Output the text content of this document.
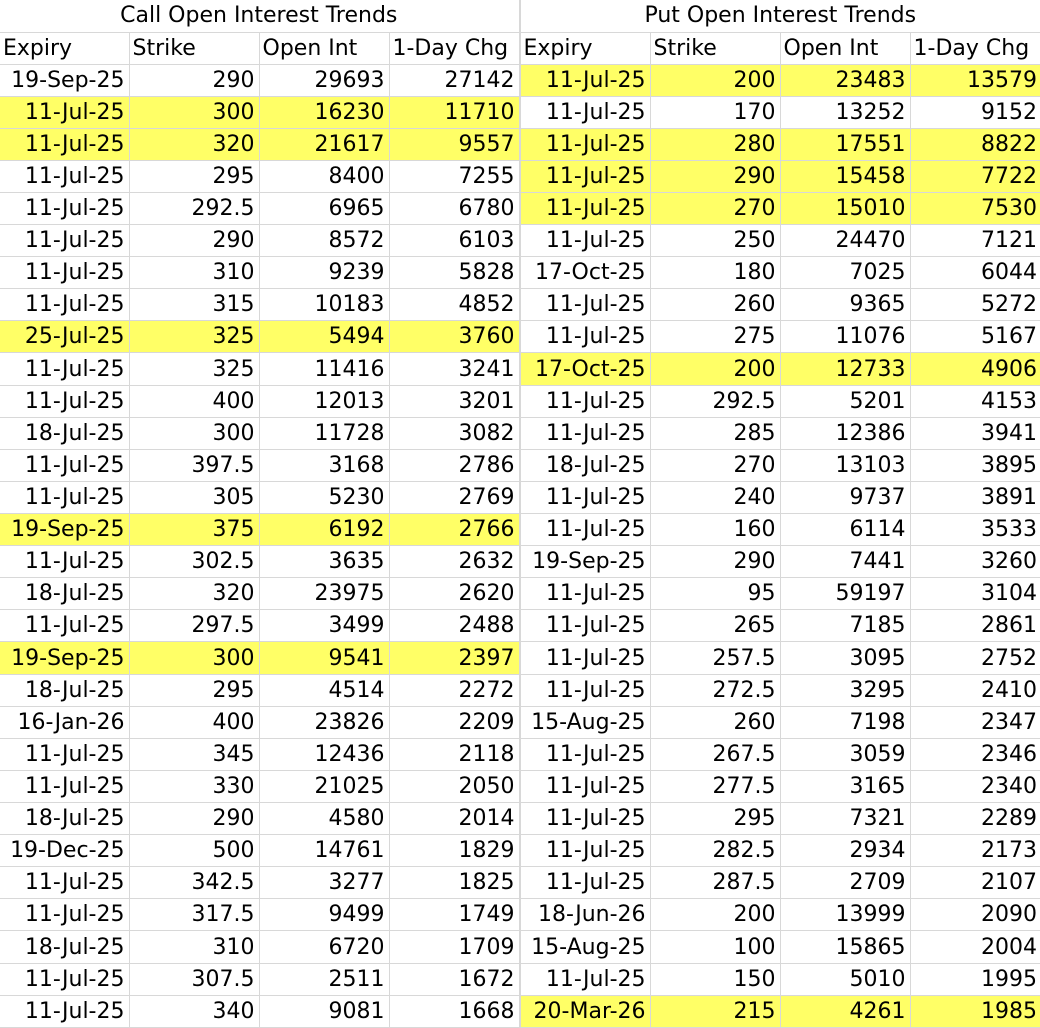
Call Open Interest Trends			
Expiry	Strike	Open Int	1-Day Chg
19-Sep-25	290	29693	27142
11-Jul-25	300	16230	11710
11-Jul-25	320	21617	9557
11-Jul-25	295	8400	7255
11-Jul-25	292.5	6965	6780
11-Jul-25	290	8572	6103
11-Jul-25	310	9239	5828
11-Jul-25	315	10183	4852
25-Jul-25	325	5494	3760
11-Jul-25	325	11416	3241
11-Jul-25	400	12013	3201
18-Jul-25	300	11728	3082
11-Jul-25	397.5	3168	2786
11-Jul-25	305	5230	2769
19-Sep-25	375	6192	2766
11-Jul-25	302.5	3635	2632
18-Jul-25	320	23975	2620
11-Jul-25	297.5	3499	2488
19-Sep-25	300	9541	2397
18-Jul-25	295	4514	2272
16-Jan-26	400	23826	2209
11-Jul-25	345	12436	2118
11-Jul-25	330	21025	2050
18-Jul-25	290	4580	2014
19-Dec-25	500	14761	1829
11-Jul-25	342.5	3277	1825
11-Jul-25	317.5	9499	1749
18-Jul-25	310	6720	1709
11-Jul-25	307.5	2511	1672
11-Jul-25	340	9081	1668
Put Open Interest Trends			
Expiry	Strike	Open Int	1-Day Chg
11-Jul-25	200	23483	13579
11-Jul-25	170	13252	9152
11-Jul-25	280	17551	8822
11-Jul-25	290	15458	7722
11-Jul-25	270	15010	7530
11-Jul-25	250	24470	7121
17-Oct-25	180	7025	6044
11-Jul-25	260	9365	5272
11-Jul-25	275	11076	5167
17-Oct-25	200	12733	4906
11-Jul-25	292.5	5201	4153
11-Jul-25	285	12386	3941
18-Jul-25	270	13103	3895
11-Jul-25	240	9737	3891
11-Jul-25	160	6114	3533
19-Sep-25	290	7441	3260
11-Jul-25	95	59197	3104
11-Jul-25	265	7185	2861
11-Jul-25	257.5	3095	2752
11-Jul-25	272.5	3295	2410
15-Aug-25	260	7198	2347
11-Jul-25	267.5	3059	2346
11-Jul-25	277.5	3165	2340
11-Jul-25	295	7321	2289
11-Jul-25	282.5	2934	2173
11-Jul-25	287.5	2709	2107
18-Jun-26	200	13999	2090
15-Aug-25	100	15865	2004
11-Jul-25	150	5010	1995
20-Mar-26	215	4261	1985
